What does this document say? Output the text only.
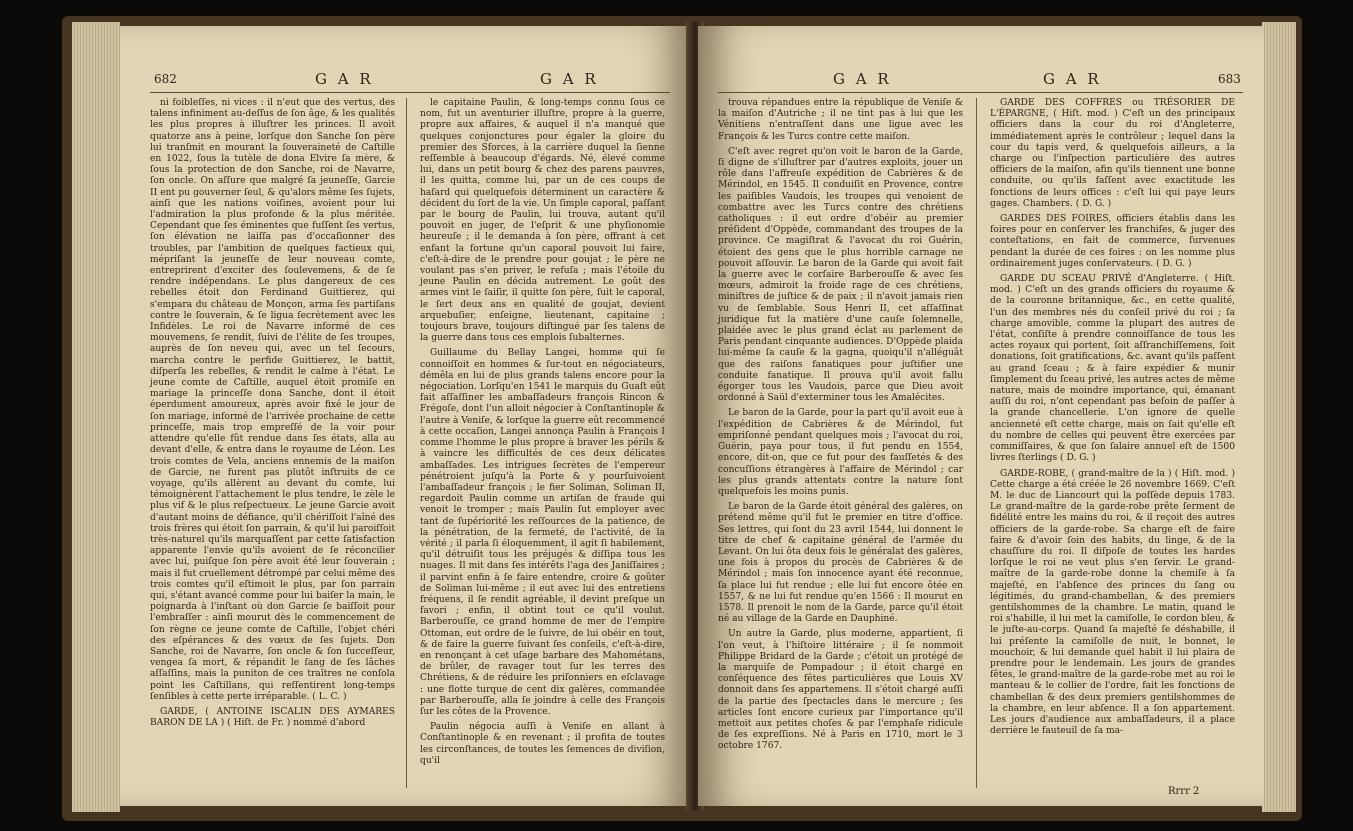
682	G A R	G A R

ni foibleſſes, ni vices : il n'eut que des vertus, des talens infiniment au-deſſus de ſon âge, & les qualités les plus propres à illuſtrer les princes. Il avoit quatorze ans à peine, lorſque don Sanche ſon père lui tranſmit en mourant la ſouveraineté de Caſtille en 1022, ſous la tutèle de dona Elvire ſa mère, & ſous la protection de don Sanche, roi de Navarre, ſon oncle. On aſſure que malgré ſa jeuneſſe, Garcie II ent pu gouverner ſeul, & qu'alors même ſes ſujets, ainſi que les nations voiſines, avoient pour lui l'admiration la plus profonde & la plus méritée. Cependant que ſes éminentes que fuſſent ſes vertus, ſon élévation ne laiſſa pas d'occaſionner des troubles, par l'ambition de quelques factieux qui, mépriſant la jeuneſſe de leur nouveau comte, entreprirent d'exciter des ſoulevemens, & de ſe rendre indépendans. Le plus dangereux de ces rebelles étoit don Ferdinand Guittierez, qui s'empara du château de Monçon, arma ſes partiſans contre le ſouverain, & ſe ligua ſecrètement avec les Infidèles. Le roi de Navarre informé de ces mouvemens, ſe rendit, ſuivi de l'élite de ſes troupes, auprès de ſon neveu qui, avec un tel ſecours, marcha contre le perfide Guittierez, le battit, diſperſa les rebelles, & rendit le calme à l'état. Le jeune comte de Caſtille, auquel étoit promiſe en mariage la princeſſe dona Sanche, dont il étoit éperdument amoureux, après avoir fixé le jour de ſon mariage, informé de l'arrivée prochaine de cette princeſſe, mais trop empreſſé de la voir pour attendre qu'elle fût rendue dans ſes états, alla au devant d'elle, & entra dans le royaume de Léon. Les trois comtes de Vela, anciens ennemis de la maiſon de Garcie, ne furent pas plutôt inſtruits de ce voyage, qu'ils allèrent au devant du comte, lui témoignèrent l'attachement le plus tendre, le zèle le plus vif & le plus reſpectueux. Le jeune Garcie avoit d'autant moins de défiance, qu'il chériſſoit l'aîné des trois frères qui étoit ſon parrain, & qu'il lui paroiſſoit très-naturel qu'ils marquaſſent par cette ſatisfaction apparente l'envie qu'ils avoient de ſe réconcilier avec lui, puiſque ſon père avoit été leur ſouverain ; mais il fut cruellement détrompé par celui même des trois comtes qu'il eſtimoit le plus, par ſon parrain qui, s'étant avancé comme pour lui baiſer la main, le poignarda à l'inſtant où don Garcie ſe baiſſoit pour l'embraſſer : ainſi mourut dès le commencement de ſon règne ce jeune comte de Caſtille, l'objet chéri des eſpérances & des vœux de ſes ſujets. Don Sanche, roi de Navarre, ſon oncle & ſon ſucceſſeur, vengea ſa mort, & répandit le ſang de ſes lâches aſſaſſins, mais la puniton de ces traîtres ne conſola point les Caſtillans, qui reſſentirent long-temps ſenſibles à cette perte irréparable. ( L. C. )

GARDE, ( ANTOINE ISCALIN DES AYMARES BARON DE LA ) ( Hiſt. de Fr. ) nommé d'abord

le capitaine Paulin, & long-temps connu ſous ce nom, fut un aventurier illuſtre, propre à la guerre, propre aux affaires, & auquel il n'a manqué que quelques conjonctures pour égaler la gloire du premier des Sforces, à la carrière duquel la ſienne reſſemble à beaucoup d'égards. Né, élevé comme lui, dans un petit bourg & chez des parens pauvres, il les quitta, comme lui, par un de ces coups de haſard qui quelquefois déterminent un caractère & décident du ſort de la vie. Un ſimple caporal, paſſant par le bourg de Paulin, lui trouva, autant qu'il pouvoit en juger, de l'eſprit & une phyſionomie heureuſe ; il le demanda à ſon père, offrant à cet enfant la fortune qu'un caporal pouvoit lui faire, c'eſt-à-dire de le prendre pour goujat ; le père ne voulant pas s'en priver, le refuſa ; mais l'étoile du jeune Paulin en décida autrement. Le goût des armes vint le ſaiſir, il quitte ſon père, ſuit le caporal, le ſert deux ans en qualité de goujat, devient arquebuſier, enſeigne, lieutenant, capitaine ; toujours brave, toujours diſtingué par ſes talens de la guerre dans tous ces emplois ſubalternes.

Guillaume du Bellay Langei, homme qui ſe connoiſſoit en hommes & ſur-tout en négociateurs, démêla en lui de plus grands talens encore pour la négociation. Lorſqu'en 1541 le marquis du Guaſt eût fait aſſaſſiner les ambaſſadeurs françois Rincon & Frégoſe, dont l'un alloit négocier à Conſtantinople & l'autre à Veniſe, & lorſque la guerre eût recommencé à cette occaſion, Langei annonça Paulin à François I comme l'homme le plus propre à braver les périls & à vaincre les difficultés de ces deux délicates ambaſſades. Les intrigues ſecrètes de l'empereur pénétroient juſqu'à la Porte & y pourſuivoient l'ambaſſadeur françois ; le fier Soliman, Soliman II, regardoit Paulin comme un artiſan de fraude qui venoit le tromper ; mais Paulin ſut employer avec tant de ſupériorité les reſſources de la patience, de la pénétration, de la fermeté, de l'activité, de la vérité ; il parla ſi éloquemment, il agit ſi habilement, qu'il détruiſit tous les préjugés & diſſipa tous les nuages. Il mit dans ſes intérêts l'aga des Janiſſaires ; il parvint enfin à ſe faire entendre, croire & goûter de Soliman lui-même ; il eut avec lui des entretiens fréquens, il ſe rendit agréable, il devint preſque un favori ; enfin, il obtint tout ce qu'il voulut. Barberouſſe, ce grand homme de mer de l'empire Ottoman, eut ordre de le ſuivre, de lui obéir en tout, & de faire la guerre ſuivant ſes conſeils, c'eſt-à-dire, en renonçant à cet uſage barbare des Mahométans, de brûler, de ravager tout ſur les terres des Chrétiens, & de réduire les priſonniers en eſclavage : une flotte turque de cent dix galères, commandée par Barberouſſe, alla ſe joindre à celle des François ſur les côtes de la Provence.

Paulin négocia auſſi à Veniſe en allant à Conſtantinople & en revenant ; il profita de toutes les circonſtances, de toutes les ſemences de diviſion, qu'il

G A R	G A R	683

trouva répandues entre la république de Veniſe & la maiſon d'Autriche ; il ne tint pas à lui que les Vénitiens n'entraſſent dans une ligue avec les François & les Turcs contre cette maiſon.

C'eſt avec regret qu'on voit le baron de la Garde, ſi digne de s'illuſtrer par d'autres exploits, jouer un rôle dans l'affreuſe expédition de Cabrières & de Mérindol, en 1545. Il conduiſit en Provence, contre les paiſibles Vaudois, les troupes qui venoient de combattre avec les Turcs contre des chrétiens catholiques : il eut ordre d'obéir au premier préſident d'Oppède, commandant des troupes de la province. Ce magiſtrat & l'avocat du roi Guérin, étoient des gens que le plus horrible carnage ne pouvoit aſſouvir. Le baron de la Garde qui avoit fait la guerre avec le corſaire Barberouſſe & avec ſes mœurs, admiroit la froide rage de ces chrétiens, miniſtres de juſtice & de paix ; il n'avoit jamais rien vu de ſemblable. Sous Henri II, cet aſſaſſinat juridique fut la matière d'une cauſe ſolemnelle, plaidée avec le plus grand éclat au parlement de Paris pendant cinquante audiences. D'Oppède plaida lui-même ſa cauſe & la gagna, quoiqu'il n'alléguât que des raiſons fanatiques pour juſtifier une conduite fanatique. Il prouva qu'il avoit fallu égorger tous les Vaudois, parce que Dieu avoit ordonné à Saül d'exterminer tous les Amalécites.

Le baron de la Garde, pour la part qu'il avoit eue à l'expédition de Cabrières & de Mérindol, fut empriſonné pendant quelques mois ; l'avocat du roi, Guérin, paya pour tous, il fut pendu en 1554, encore, dit-on, que ce fut pour des fauſſetés & des concuſſions étrangères à l'affaire de Mérindol ; car les plus grands attentats contre la nature ſont quelquefois les moins punis.

Le baron de la Garde étoit général des galères, on prétend même qu'il fut le premier en titre d'office. Ses lettres, qui ſont du 23 avril 1544, lui donnent le titre de chef & capitaine général de l'armée du Levant. On lui ôta deux fois le généralat des galères, une fois à propos du procès de Cabrières & de Mérindol ; mais ſon innocence ayant été reconnue, ſa place lui fut rendue ; elle lui fut encore ôtée en 1557, & ne lui fut rendue qu'en 1566 : Il mourut en 1578. Il prenoit le nom de la Garde, parce qu'il étoit né au village de la Garde en Dauphiné.

Un autre la Garde, plus moderne, appartient, ſi l'on veut, à l'hiſtoire littéraire ; il ſe nommoit Philippe Bridard de la Garde ; c'étoit un protégé de la marquiſe de Pompadour ; il étoit chargé en conſéquence des fêtes particulières que Louis XV donnoit dans ſes appartemens. Il s'étoit chargé auſſi de la partie des ſpectacles dans le mercure ; ſes articles ſont encore curieux par l'importance qu'il mettoit aux petites choſes & par l'emphaſe ridicule de ſes expreſſions. Né à Paris en 1710, mort le 3 octobre 1767.

GARDE DES COFFRES ou TRÉSORIER DE L'ÉPARGNE, ( Hiſt. mod. ) C'eſt un des principaux officiers dans la cour du roi d'Angleterre, immédiatement après le contrôleur ; lequel dans la cour du tapis verd, & quelquefois ailleurs, a la charge ou l'inſpection particulière des autres officiers de la maiſon, afin qu'ils tiennent une bonne conduite, ou qu'ils faſſent avec exactitude les fonctions de leurs offices : c'eſt lui qui paye leurs gages. Chambers. ( D. G. )

GARDES DES FOIRES, officiers établis dans les foires pour en conſerver les franchiſes, & juger des conteſtations, en fait de commerce, ſurvenues pendant la durée de ces foires : on les nomme plus ordinairement juges conſervateurs. ( D. G. )

GARDE DU SCEAU PRIVÉ d'Angleterre. ( Hiſt. mod. ) C'eſt un des grands officiers du royaume & de la couronne britannique, &c., en cette qualité, l'un des membres nés du conſeil privé du roi ; ſa charge amovible, comme la plupart des autres de l'état, conſiſte à prendre connoiſſance de tous les actes royaux qui portent, ſoit aſſranchiſſemens, ſoit donations, ſoit gratifications, &c. avant qu'ils paſſent au grand ſceau ; & à faire expédier & munir ſimplement du ſceau privé, les autres actes de même nature, mais de moindre importance, qui, émanant auſſi du roi, n'ont cependant pas beſoin de paſſer à la grande chancellerie. L'on ignore de quelle ancienneté eſt cette charge, mais on ſait qu'elle eſt du nombre de celles qui peuvent être exercées par commiſſaires, & que ſon ſalaire annuel eſt de 1500 livres ſterlings ( D. G. )

GARDE-ROBE, ( grand-maître de la ) ( Hiſt. mod. ) Cette charge a été créée le 26 novembre 1669. C'eſt M. le duc de Liancourt qui la poſſède depuis 1783. Le grand-maître de la garde-robe prête ſerment de fidélité entre les mains du roi, & il reçoit des autres officiers de la garde-robe. Sa charge eſt de faire faire & d'avoir ſoin des habits, du linge, & de la chauſſure du roi. Il diſpoſe de toutes les hardes lorſque le roi ne veut plus s'en ſervir. Le grand-maître de la garde-robe donne la chemiſe à ſa majeſté, en l'abſence des princes du ſang ou légitimés, du grand-chambellan, & des premiers gentilshommes de la chambre. Le matin, quand le roi s'habille, il lui met la camiſolle, le cordon bleu, & le juſte-au-corps. Quand ſa majeſté ſe déshabille, il lui préſente la camiſolle de nuit, le bonnet, le mouchoir, & lui demande quel habit il lui plaira de prendre pour le lendemain. Les jours de grandes fêtes, le grand-maître de la garde-robe met au roi le manteau & le collier de l'ordre, fait les fonctions de chambellan & des deux premiers gentilshommes de la chambre, en leur abſence. Il a ſon appartement. Les jours d'audience aux ambaſſadeurs, il a place derrière le fauteuil de ſa ma-

Rrrr 2
